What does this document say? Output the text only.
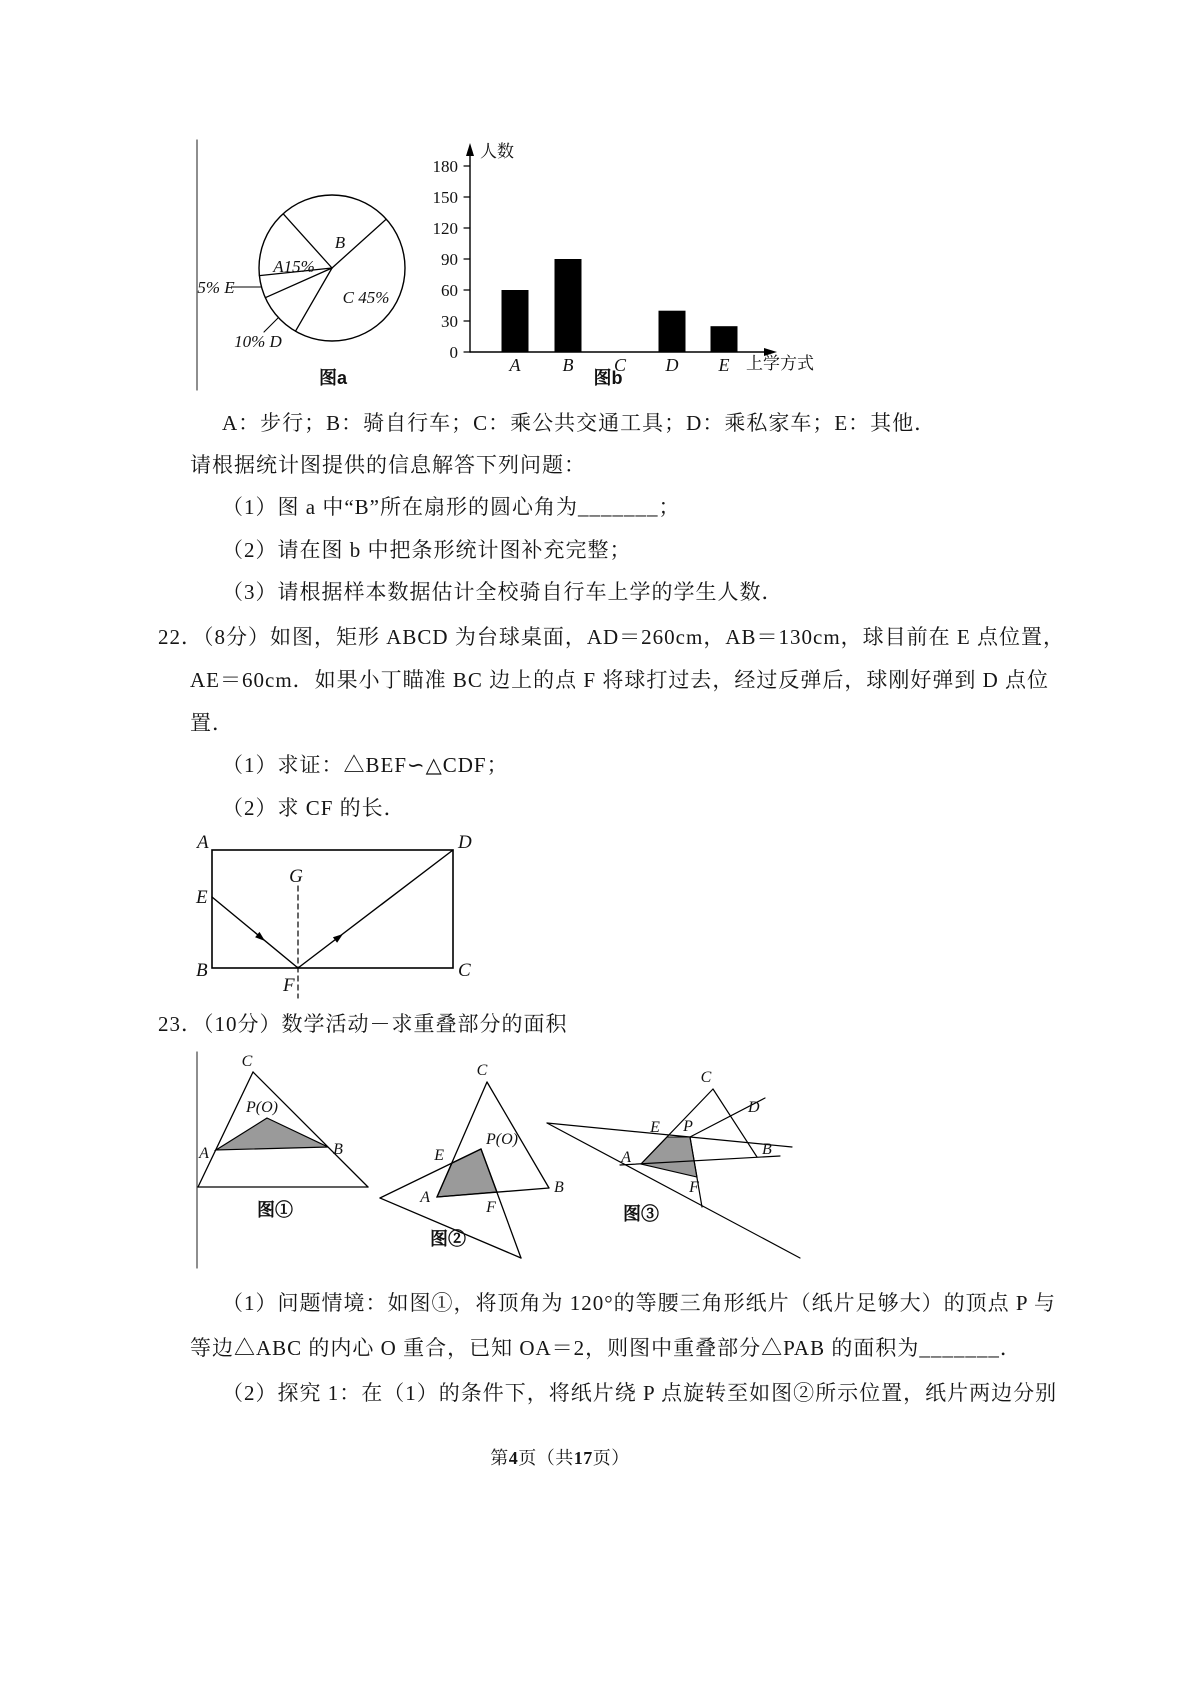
B
C 45%
10% D
5% E
A15%
图a
0
30
60
90
120
150
180
A B C D E
人数
上学方式
图b
A	D
E
B	C
F
G
C
P(O)
A	B
图①
C
E
P(O)
A
F
B
图②
C
D
E P
A	B
F
图③
A：步行；B：骑自行车；C：乘公共交通工具；D：乘私家车；E：其他．
请根据统计图提供的信息解答下列问题：
（1）图 a 中“B”所在扇形的圆心角为_______；
（2）请在图 b 中把条形统计图补充完整；
（3）请根据样本数据估计全校骑自行车上学的学生人数．
22．（8分）如图，矩形 ABCD 为台球桌面，AD＝260cm，AB＝130cm，球目前在 E 点位置，
AE＝60cm．如果小丁瞄准 BC 边上的点 F 将球打过去，经过反弹后，球刚好弹到 D 点位
置．
（1）求证：△BEF∽△CDF；
（2）求 CF 的长．
23．（10分）数学活动－求重叠部分的面积
（1）问题情境：如图①，将顶角为 120°的等腰三角形纸片（纸片足够大）的顶点 P 与
等边△ABC 的内心 O 重合，已知 OA＝2，则图中重叠部分△PAB 的面积为_______．
（2）探究 1：在（1）的条件下，将纸片绕 P 点旋转至如图②所示位置，纸片两边分别
第4页（共17页）
